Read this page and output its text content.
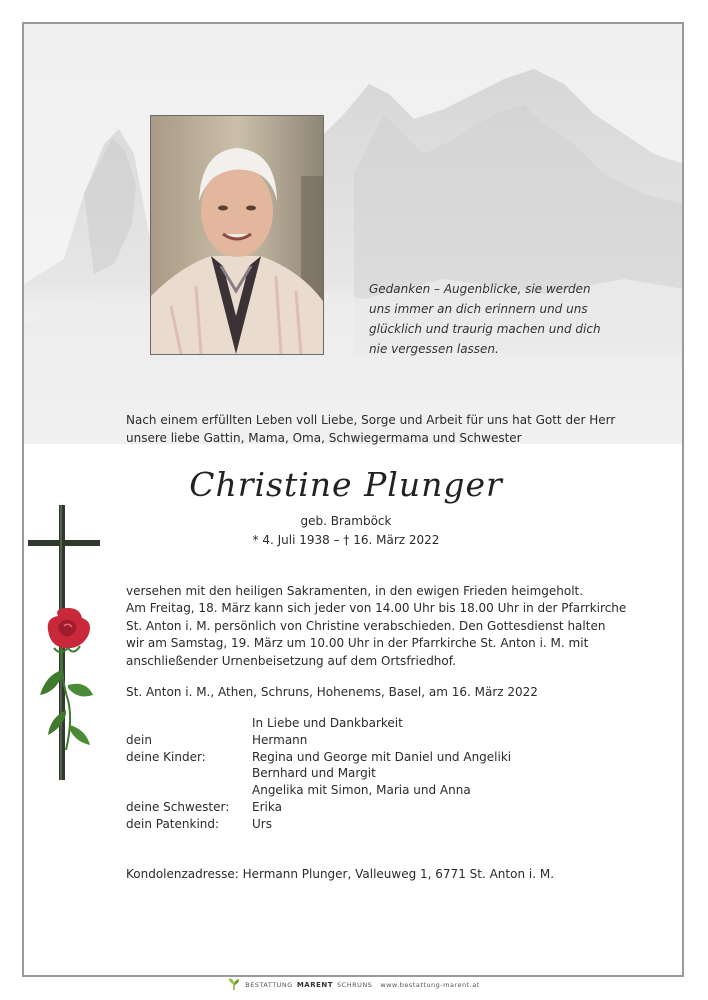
Gedanken – Augenblicke, sie werden
uns immer an dich erinnern und uns
glücklich und traurig machen und dich
nie vergessen lassen.
Nach einem erfüllten Leben voll Liebe, Sorge und Arbeit für uns hat Gott der Herr
unsere liebe Gattin, Mama, Oma, Schwiegermama und Schwester
Christine Plunger
geb. Bramböck
* 4. Juli 1938 – † 16. März 2022
versehen mit den heiligen Sakramenten, in den ewigen Frieden heimgeholt.
Am Freitag, 18. März kann sich jeder von 14.00 Uhr bis 18.00 Uhr in der Pfarrkirche
St. Anton i. M. persönlich von Christine verabschieden. Den Gottesdienst halten
wir am Samstag, 19. März um 10.00 Uhr in der Pfarrkirche St. Anton i. M. mit
anschließender Urnenbeisetzung auf dem Ortsfriedhof.
St. Anton i. M., Athen, Schruns, Hohenems, Basel, am 16. März 2022
In Liebe und Dankbarkeit
dein	Hermann
deine Kinder:	Regina und George mit Daniel und Angeliki
Bernhard und Margit
Angelika mit Simon, Maria und Anna
deine Schwester:	Erika
dein Patenkind:	Urs
Kondolenzadresse: Hermann Plunger, Valleuweg 1, 6771 St. Anton i. M.
BESTATTUNG MARENT SCHRUNS www.bestattung-marent.at
